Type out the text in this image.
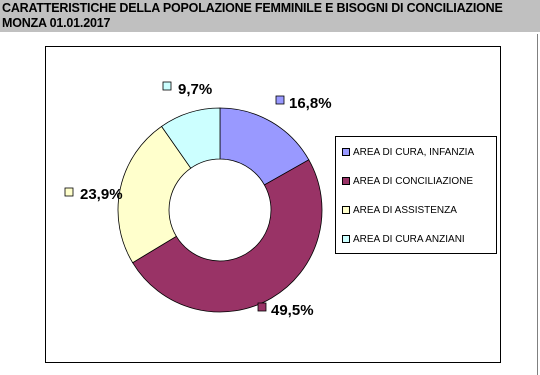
CARATTERISTICHE DELLA POPOLAZIONE FEMMINILE E BISOGNI DI CONCILIAZIONE
MONZA 01.01.2017
16,8%
49,5%
23,9%
9,7%
AREA DI CURA, INFANZIA
AREA DI CONCILIAZIONE
AREA DI ASSISTENZA
AREA DI CURA ANZIANI
